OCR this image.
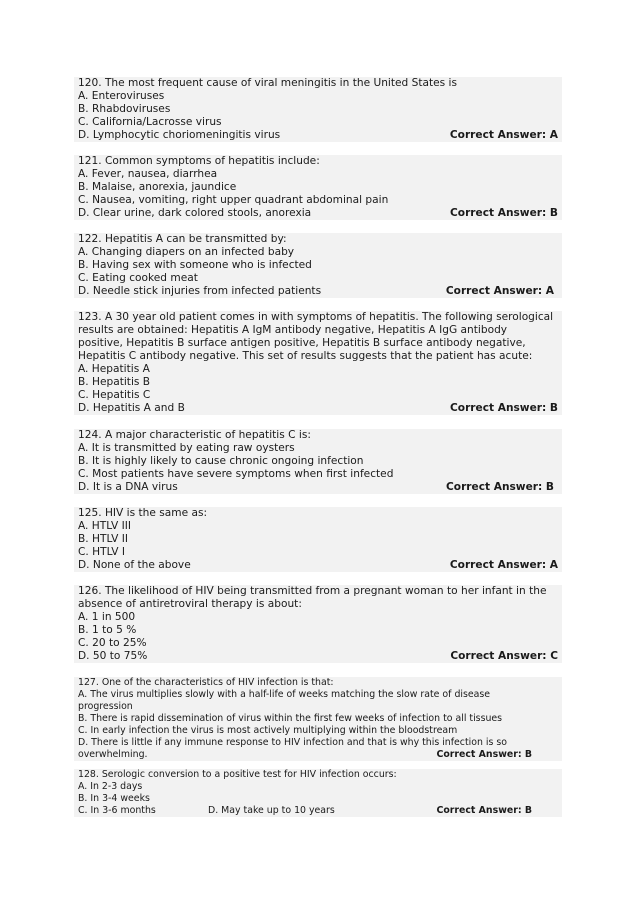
120. The most frequent cause of viral meningitis in the United States is
A. Enteroviruses
B. Rhabdoviruses
C. California/Lacrosse virus
D. Lymphocytic choriomeningitis virus	Correct Answer: A
121. Common symptoms of hepatitis include:
A. Fever, nausea, diarrhea
B. Malaise, anorexia, jaundice
C. Nausea, vomiting, right upper quadrant abdominal pain
D. Clear urine, dark colored stools, anorexia	Correct Answer: B
122. Hepatitis A can be transmitted by:
A. Changing diapers on an infected baby
B. Having sex with someone who is infected
C. Eating cooked meat
D. Needle stick injuries from infected patients	Correct Answer: A
123. A 30 year old patient comes in with symptoms of hepatitis. The following serological
results are obtained: Hepatitis A IgM antibody negative, Hepatitis A IgG antibody
positive, Hepatitis B surface antigen positive, Hepatitis B surface antibody negative,
Hepatitis C antibody negative. This set of results suggests that the patient has acute:
A. Hepatitis A
B. Hepatitis B
C. Hepatitis C
D. Hepatitis A and B	Correct Answer: B
124. A major characteristic of hepatitis C is:
A. It is transmitted by eating raw oysters
B. It is highly likely to cause chronic ongoing infection
C. Most patients have severe symptoms when first infected
D. It is a DNA virus	Correct Answer: B
125. HIV is the same as:
A. HTLV III
B. HTLV II
C. HTLV I
D. None of the above	Correct Answer: A
126. The likelihood of HIV being transmitted from a pregnant woman to her infant in the
absence of antiretroviral therapy is about:
A. 1 in 500
B. 1 to 5 %
C. 20 to 25%
D. 50 to 75%	Correct Answer: C
127. One of the characteristics of HIV infection is that:
A. The virus multiplies slowly with a half-life of weeks matching the slow rate of disease
progression
B. There is rapid dissemination of virus within the first few weeks of infection to all tissues
C. In early infection the virus is most actively multiplying within the bloodstream
D. There is little if any immune response to HIV infection and that is why this infection is so
overwhelming.	Correct Answer: B
128. Serologic conversion to a positive test for HIV infection occurs:
A. In 2-3 days
B. In 3-4 weeks
C. In 3-6 months	D. May take up to 10 years	Correct Answer: B
